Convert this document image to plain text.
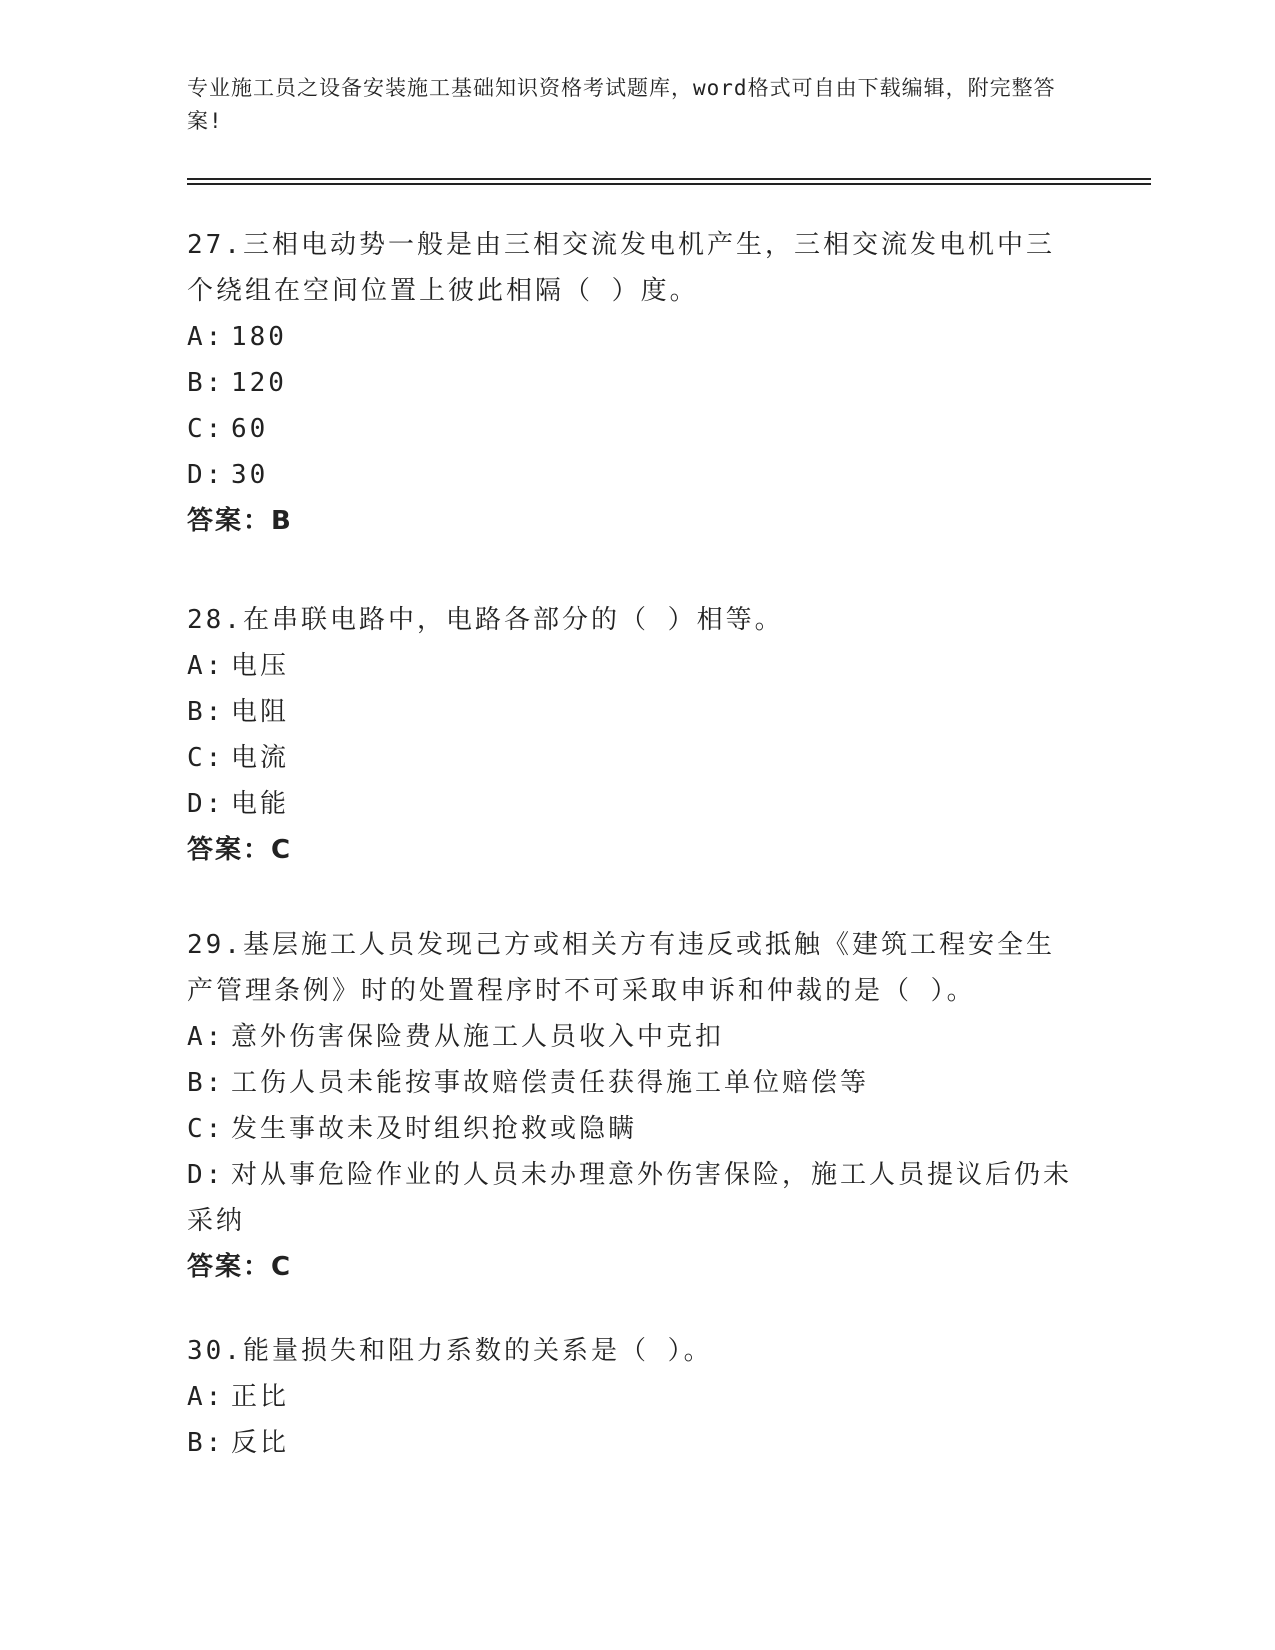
专业施工员之设备安装施工基础知识资格考试题库，word格式可自由下载编辑，附完整答案!

27.三相电动势一般是由三相交流发电机产生，三相交流发电机中三个绕组在空间位置上彼此相隔（ ）度。

A: 180

B: 120

C: 60

D: 30

答案：B

28.在串联电路中，电路各部分的（ ）相等。

A: 电压

B: 电阻

C: 电流

D: 电能

答案：C

29.基层施工人员发现己方或相关方有违反或抵触《建筑工程安全生产管理条例》时的处置程序时不可采取申诉和仲裁的是（ ）。

A: 意外伤害保险费从施工人员收入中克扣

B: 工伤人员未能按事故赔偿责任获得施工单位赔偿等

C: 发生事故未及时组织抢救或隐瞒

D: 对从事危险作业的人员未办理意外伤害保险，施工人员提议后仍未采纳

答案：C

30.能量损失和阻力系数的关系是（ ）。

A: 正比

B: 反比
